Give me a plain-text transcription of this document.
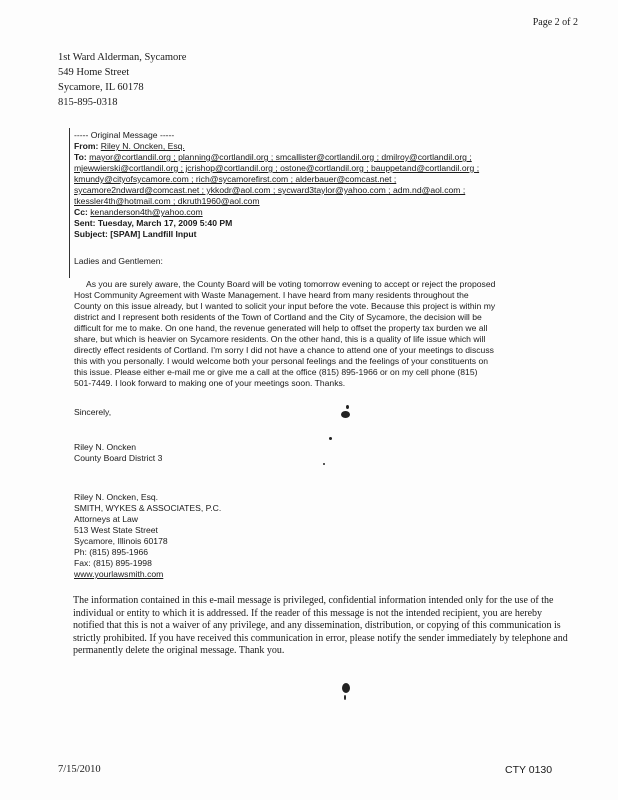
Page 2 of 2
1st Ward Alderman, Sycamore
549 Home Street
Sycamore, IL 60178
815-895-0318
----- Original Message -----
From: Riley N. Oncken, Esq.
To: mayor@cortlandil.org ; planning@cortlandil.org ; smcallister@cortlandil.org ; dmilroy@cortlandil.org ;
mjewwierski@cortlandil.org ; jcrishop@cortlandil.org ; ostone@cortlandil.org ; bauppetand@cortlandil.org ;
kmundy@cityofsycamore.com ; rich@sycamorefirst.com ; alderbauer@comcast.net ;
sycamore2ndward@comcast.net ; ykkodr@aol.com ; sycward3taylor@yahoo.com ; adm.nd@aol.com ;
tkessler4th@hotmail.com ; dkruth1960@aol.com
Cc: kenanderson4th@yahoo.com
Sent: Tuesday, March 17, 2009 5:40 PM
Subject: [SPAM] Landfill Input
Ladies and Gentlemen:
As you are surely aware, the County Board will be voting tomorrow evening to accept or reject the proposed
Host Community Agreement with Waste Management. I have heard from many residents throughout the
County on this issue already, but I wanted to solicit your input before the vote. Because this project is within my
district and I represent both residents of the Town of Cortland and the City of Sycamore, the decision will be
difficult for me to make. On one hand, the revenue generated will help to offset the property tax burden we all
share, but which is heavier on Sycamore residents. On the other hand, this is a quality of life issue which will
directly effect residents of Cortland. I'm sorry I did not have a chance to attend one of your meetings to discuss
this with you personally. I would welcome both your personal feelings and the feelings of your constituents on
this issue. Please either e-mail me or give me a call at the office (815) 895-1966 or on my cell phone (815)
501-7449. I look forward to making one of your meetings soon. Thanks.
Sincerely,
Riley N. Oncken
County Board District 3
Riley N. Oncken, Esq.
SMITH, WYKES & ASSOCIATES, P.C.
Attorneys at Law
513 West State Street
Sycamore, Illinois 60178
Ph: (815) 895-1966
Fax: (815) 895-1998
www.yourlawsmith.com
The information contained in this e-mail message is privileged, confidential information intended only for the use of the individual or entity to which it is addressed. If the reader of this message is not the intended recipient, you are hereby notified that this is not a waiver of any privilege, and any dissemination, distribution, or copying of this communication is strictly prohibited. If you have received this communication in error, please notify the sender immediately by telephone and permanently delete the original message. Thank you.
7/15/2010	CTY 0130
